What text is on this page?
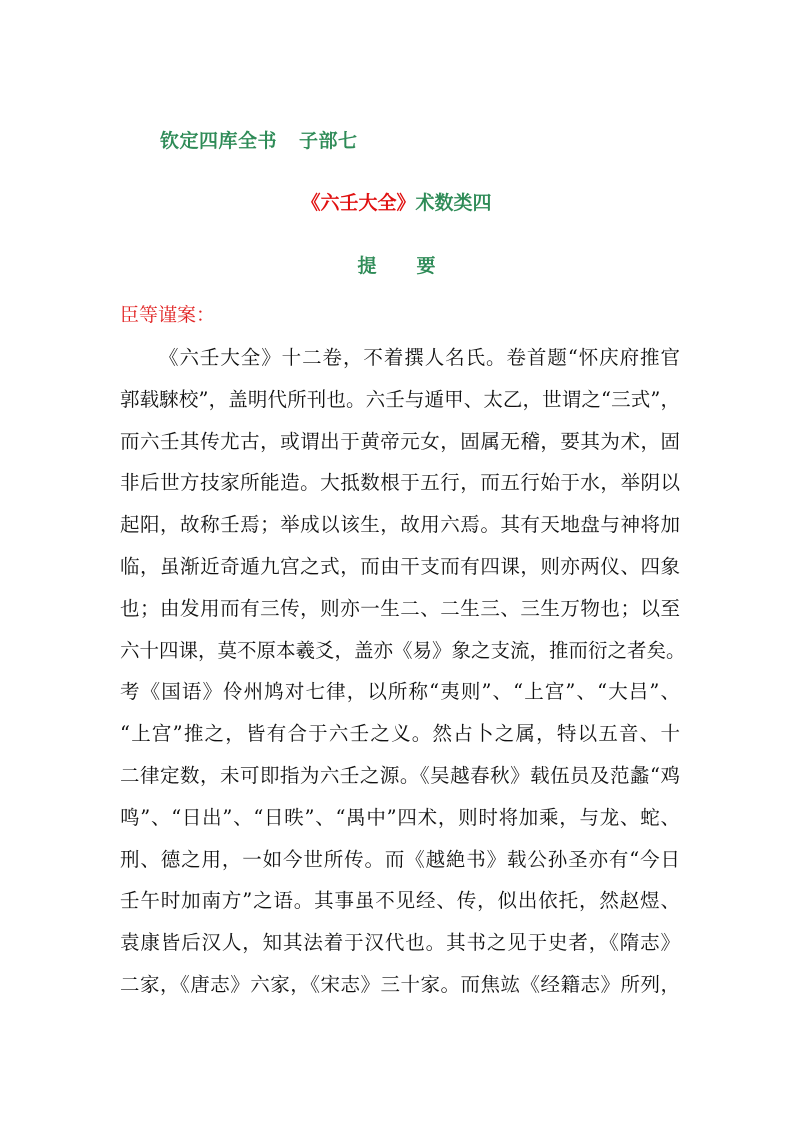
钦定四库全书 子部七
《六壬大全》术数类四
提 要
臣等谨案：
《六壬大全》十二卷，不着撰人名氏。卷首题“怀庆府推官
郭载騋校”，盖明代所刊也。六壬与遁甲、太乙，世谓之“三式”，
而六壬其传尤古，或谓出于黄帝元女，固属无稽，要其为术，固
非后世方技家所能造。大抵数根于五行，而五行始于水，举阴以
起阳，故称壬焉；举成以该生，故用六焉。其有天地盘与神将加
临，虽渐近奇遁九宫之式，而由干支而有四课，则亦两仪、四象
也；由发用而有三传，则亦一生二、二生三、三生万物也；以至
六十四课，莫不原本羲爻，盖亦《易》象之支流，推而衍之者矣。
考《国语》伶州鸠对七律，以所称“夷则”、“上宫”、“大吕”、
“上宫”推之，皆有合于六壬之义。然占卜之属，特以五音、十
二律定数，未可即指为六壬之源。《吴越春秋》载伍员及范蠡“鸡
鸣”、“日出”、“日昳”、“禺中”四术，则时将加乘，与龙、蛇、
刑、德之用，一如今世所传。而《越絶书》载公孙圣亦有“今日
壬午时加南方”之语。其事虽不见经、传，似出依托，然赵煜、
袁康皆后汉人，知其法着于汉代也。其书之见于史者，《隋志》
二家，《唐志》六家，《宋志》三十家。而焦竑《经籍志》所列，
